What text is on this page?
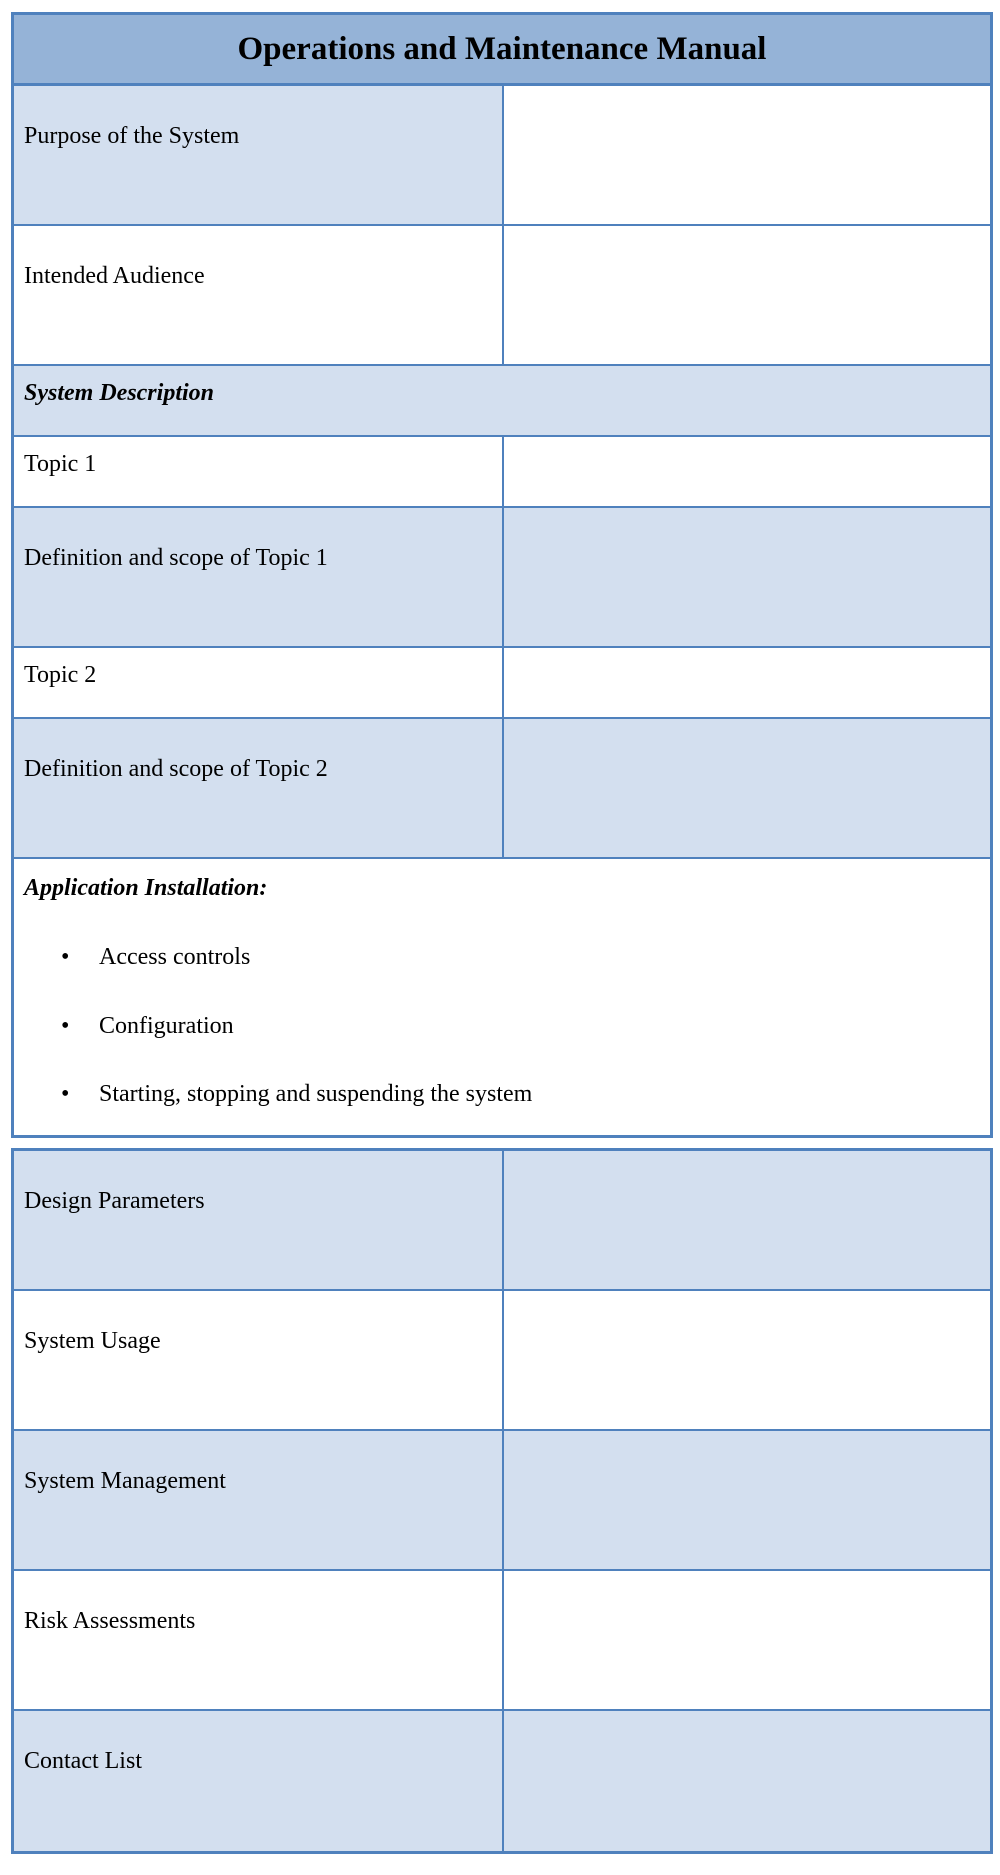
Operations and Maintenance Manual
Purpose of the System
Intended Audience
System Description
Topic 1
Definition and scope of Topic 1
Topic 2
Definition and scope of Topic 2
Application Installation:
• Access controls
• Configuration
• Starting, stopping and suspending the system
Design Parameters
System Usage
System Management
Risk Assessments
Contact List
